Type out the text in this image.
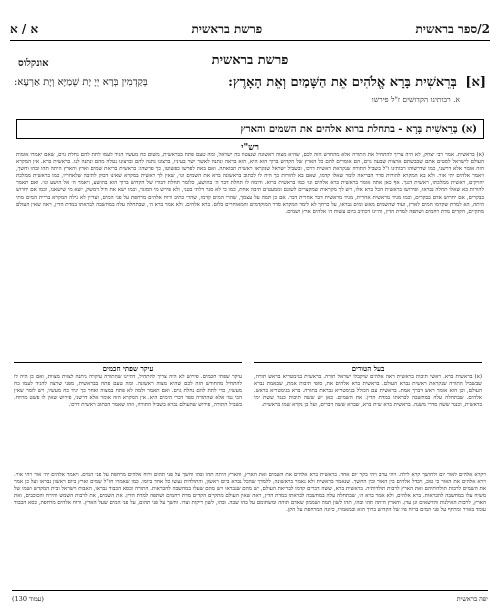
2/ספר בראשית
פרשת בראשית
א / א
אונקלוס	פרשת בראשית
[א] בְּרֵאשִׁית בָּרָא אֱלֹהִים אֵת הַשָּׁמַיִם וְאֵת הָאָרֶץ:
בְּקַדְמִין בְּרָא יְיָ יָת שְׁמַיָּא וְיָת אַרְעָא:
א. רבותינו הקדושים ז"ל פירשו
(א) בְּרֵאשִׁית בָּרָא - בתחלת ברוא אלהים את השמים והארץ
רש"י

(א) בראשית. אמר רבי יצחק, לא היה צריך להתחיל את התורה אלא מהחדש הזה לכם, שהיא מצוה ראשונה שנצטוו בה ישראל, ומה טעם פתח בבראשית, משום כח מעשיו הגיד לעמו לתת להם נחלת גוים, שאם יאמרו אומות העולם לישראל לסטים אתם שכבשתם ארצות שבעה גוים, הם אומרים להם כל הארץ של הקדוש ברוך הוא היא, הוא בראה ונתנה לאשר ישר בעיניו, ברצונו נתנה להם וברצונו נטלה מהם ונתנה לנו. בראשית ברא. אין המקרא הזה אומר אלא דרשני, כמו שדרשוהו רבותינו ז"ל בשביל התורה שנקראת ראשית דרכו, ובשביל ישראל שנקראו ראשית תבואתה. ואם באת לפרשו כפשוטו, כך פרשהו: בראשית בריאת שמים וארץ והארץ היתה תהו ובהו וחשך, ויאמר אלהים יהי אור. ולא בא המקרא להורות סדר הבריאה לומר שאלו קדמו, שאם בא להורות כך היה לו לכתוב בראשונה ברא את השמים וגו׳, שאין לך ראשית במקרא שאינו דבוק לתיבה שלאחריו, כמו בראשית ממלכת יהויקים, ראשית ממלכתו, ראשית דגנך. אף כאן אתה אומר בראשית ברא אלהים וגו׳ כמו בראשית ברוא. ודומה לו תחלת דבר ה׳ בהושע, כלומר תחלת דבורו של הקדוש ברוך הוא בהושע, ויאמר ה׳ אל הושע וגו׳. ואם תאמר להורות בא שאלו תחלה נבראו, ופירושו בראשית הכל ברא אלו, ויש לך מקראות שמקצרים לשונם וממעטים תיבה אחת, כמו כי לא סגר דלתי בטני, ולא פירש מי הסוגר, וכמו ישא את חיל דמשק, ישא מי שישאנו, וכמו אם יחרוש בבקרים, אם יחרוש אדם בבקרים, וכמו מגיד מראשית אחרית, מגיד מראשית דבר אחרית דבר. אם כן תמה על עצמך, שהרי המים קדמו, שהרי כתיב ורוח אלהים מרחפת על פני המים, ועדיין לא גילה המקרא בריית המים מתי היתה, הא למדת שקדמו המים לארץ, ועוד שהשמים מאש ומים נבראו, על כרחך לא לימד המקרא סדר המוקדמים והמאוחרים כלום. ברא אלהים. ולא אמר ברא ה׳, שבתחלה עלה במחשבה לבראתו במדת הדין, ראה שאין העולם מתקיים, הקדים מדת רחמים ושתפה למדת הדין, והיינו דכתיב ביום עשות ה׳ אלהים ארץ ושמים.

בעל הטורים
עיקר שפתי חכמים

(א) בראשית ברא. ראשי תיבות בראשית ראה אלהים שיקבלו ישראל תורה. בראשית בגימטריא בראש תורה, שבשביל התורה שנקראת ראשית נברא העולם. בראשית ברא אלהים את, סופי תיבות אמת, שבאמת נברא העולם, וכן הוא אומר ראש דברך אמת. בראשית עם הכולל בגימטריא נבראת בתורה. ברא בגימטריא בראש. אלהים. שבתחלה עלה במחשבה לבראתו במדת הדין. את השמים. כאן יש ששה תיבות כנגד ששת ימי בראשית, וכנגד ששה סדרי משנה. בראשית ברא שית ברא, שברא ששה דברים, ועל כן נקרא שמו בראשית.

עיקר שפתי חכמים. פירוש לא היה צריך להתחיל, דהיינו שהתורה עיקרה ניתנה לצוות מצוות, ואם כן היה לו להתחיל מהחודש הזה לכם שהיא מצוה ראשונה. ומה טעם פתח בבראשית, מפני שרצה להגיד לעמו כח מעשיו, כדי לתת להם נחלת גוים. ואם תאמר ולמה לא פתח במצוה ואחר כך יגיד כח מעשיו, ויש לומר שאין הכי נמי אלא שהתורה ספר דברי הימים היא. אין המקרא הזה אומר אלא דרשני, פירוש שאין לו פשט מרווח. בשביל התורה, פירוש שהעולם נברא בשביל התורה, וזהו שאמר הכתוב ראשית דרכו.

ויקרא אלהים לאור יום ולחושך קרא לילה. ויהי ערב ויהי בקר יום אחד. בראשית ברא אלהים את השמים ואת הארץ, והארץ היתה תהו ובהו וחשך על פני תהום ורוח אלהים מרחפת על פני המים. ויאמר אלהים יהי אור ויהי אור. וירא אלהים את האור כי טוב, ויבדל אלהים בין האור ובין החשך. שנאמר בראשית ולא נאמר בראשונה, ללמדך שהכל נברא ביום ראשון, והתולדות נעשו כל אחד ביומו. כמו שאמרו חז"ל שמים וארץ ביום ראשון נבראו ועל כן אמר את השמים לרבות תולדותיהם ואת הארץ לרבות תולדותיה. בראשית ברא, ששה דברים קדמו לבריאת העולם, יש מהם שנבראו ויש מהם שעלו במחשבה להבראות. התורה וכסא הכבוד נבראו, האבות וישראל ובית המקדש ושמו של משיח עלו במחשבה להבראות. ברא אלהים, ולא אמר ברא ה׳, שבתחלה עלה במחשבה לבראתו במדת הדין, ראה שאין העולם מתקיים הקדים מדת רחמים ושתפה למדת הדין. את השמים, את לרבות השמש והירח והכוכבים, ואת הארץ, לרבות האילנות והדשאים וגן עדן. והארץ היתה תהו ובהו, תהו לשון תמה ושממון שאדם תוהה ומשתומם על בהו שבה. ובהו, לשון ריקות וצדו. וחשך על פני תהום, על פני המים שעל הארץ. ורוח אלהים מרחפת, כסא הכבוד עומד באויר ומרחף על פני המים ברוח פיו של הקדוש ברוך הוא ובמאמרו, כיונה המרחפת על הקן.

יפה בראשית
(עמוד 130)
